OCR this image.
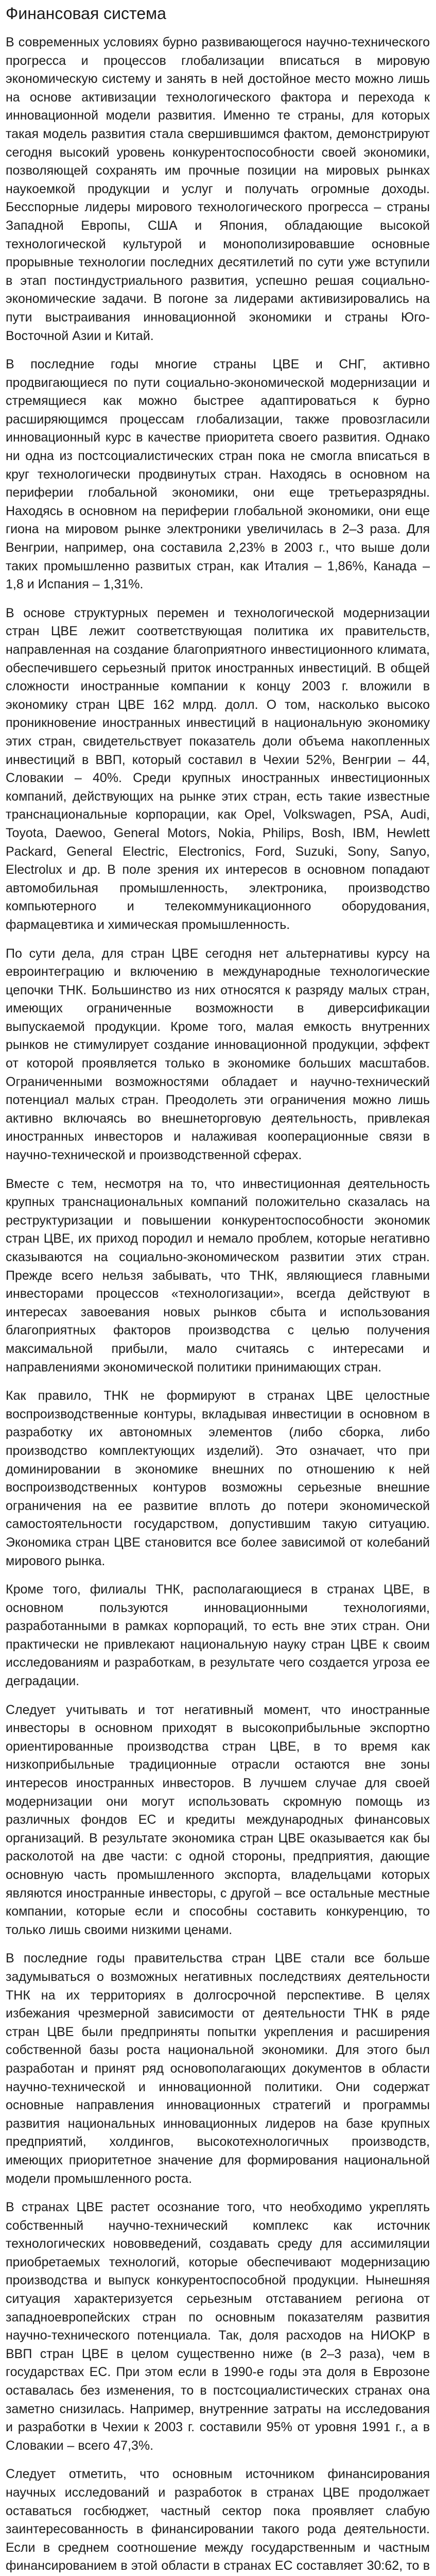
Финансовая система

В современных условиях бурно развивающегося научно-технического прогресса и процессов глобализации вписаться в мировую экономическую систему и занять в ней достойное место можно лишь на основе активизации технологического фактора и перехода к инновационной модели развития. Именно те страны, для которых такая модель развития стала свершившимся фактом, демонстрируют сегодня высокий уровень конкурентоспособности своей экономики, позволяющей сохранять им прочные позиции на мировых рынках наукоемкой продукции и услуг и получать огромные доходы. Бесспорные лидеры мирового технологического прогресса – страны Западной Европы, США и Япония, обладающие высокой технологической культурой и монополизировавшие основные прорывные технологии последних десятилетий по сути уже вступили в этап постиндустриального развития, успешно решая социально-экономические задачи. В погоне за лидерами активизировались на пути выстраивания инновационной экономики и страны Юго-Восточной Азии и Китай.

В последние годы многие страны ЦВЕ и СНГ, активно продвигающиеся по пути социально-экономической модернизации и стремящиеся как можно быстрее адаптироваться к бурно расширяющимся процессам глобализации, также провозгласили инновационный курс в качестве приоритета своего развития. Однако ни одна из постсоциалистических стран пока не смогла вписаться в круг технологически продвинутых стран. Находясь в основном на периферии глобальной экономики, они еще третьеразрядны. Находясь в основном на периферии глобальной экономики, они еще гиона на мировом рынке электроники увеличилась в 2–3 раза. Для Венгрии, например, она составила 2,23% в 2003 г., что выше доли таких промышленно развитых стран, как Италия – 1,86%, Канада – 1,8 и Испания – 1,31%.

В основе структурных перемен и технологической модернизации стран ЦВЕ лежит соответствующая политика их правительств, направленная на создание благоприятного инвестиционного климата, обеспечившего серьезный приток иностранных инвестиций. В общей сложности иностранные компании к концу 2003 г. вложили в экономику стран ЦВЕ 162 млрд. долл. О том, насколько высоко проникновение иностранных инвестиций в национальную экономику этих стран, свидетельствует показатель доли объема накопленных инвестиций в ВВП, который составил в Чехии 52%, Венгрии – 44, Словакии – 40%. Среди крупных иностранных инвестиционных компаний, действующих на рынке этих стран, есть такие известные транснациональные корпорации, как Opel, Volkswagen, PSA, Audi, Toyota, Daewoo, General Motors, Nokia, Philips, Bosh, IBM, Hewlett Packard, General Electric, Electronics, Ford, Suzuki, Sony, Sanyo, Electrolux и др. В поле зрения их интересов в основном попадают автомобильная промышленность, электроника, производство компьютерного и телекоммуникационного оборудования, фармацевтика и химическая промышленность.

По сути дела, для стран ЦВЕ сегодня нет альтернативы курсу на евроинтеграцию и включению в международные технологические цепочки ТНК. Большинство из них относятся к разряду малых стран, имеющих ограниченные возможности в диверсификации выпускаемой продукции. Кроме того, малая емкость внутренних рынков не стимулирует создание инновационной продукции, эффект от которой проявляется только в экономике больших масштабов. Ограниченными возможностями обладает и научно-технический потенциал малых стран. Преодолеть эти ограничения можно лишь активно включаясь во внешнеторговую деятельность, привлекая иностранных инвесторов и налаживая кооперационные связи в научно-технической и производственной сферах.

Вместе с тем, несмотря на то, что инвестиционная деятельность крупных транснациональных компаний положительно сказалась на реструктуризации и повышении конкурентоспособности экономик стран ЦВЕ, их приход породил и немало проблем, которые негативно сказываются на социально-экономическом развитии этих стран. Прежде всего нельзя забывать, что ТНК, являющиеся главными инвесторами процессов «технологизации», всегда действуют в интересах завоевания новых рынков сбыта и использования благоприятных факторов производства с целью получения максимальной прибыли, мало считаясь с интересами и направлениями экономической политики принимающих стран.

Как правило, ТНК не формируют в странах ЦВЕ целостные воспроизводственные контуры, вкладывая инвестиции в основном в разработку их автономных элементов (либо сборка, либо производство комплектующих изделий). Это означает, что при доминировании в экономике внешних по отношению к ней воспроизводственных контуров возможны серьезные внешние ограничения на ее развитие вплоть до потери экономической самостоятельности государством, допустившим такую ситуацию. Экономика стран ЦВЕ становится все более зависимой от колебаний мирового рынка.

Кроме того, филиалы ТНК, располагающиеся в странах ЦВЕ, в основном пользуются инновационными технологиями, разработанными в рамках корпораций, то есть вне этих стран. Они практически не привлекают национальную науку стран ЦВЕ к своим исследованиям и разработкам, в результате чего создается угроза ее деградации.

Следует учитывать и тот негативный момент, что иностранные инвесторы в основном приходят в высокоприбыльные экспортно ориентированные производства стран ЦВЕ, в то время как низкоприбыльные традиционные отрасли остаются вне зоны интересов иностранных инвесторов. В лучшем случае для своей модернизации они могут использовать скромную помощь из различных фондов ЕС и кредиты международных финансовых организаций. В результате экономика стран ЦВЕ оказывается как бы расколотой на две части: с одной стороны, предприятия, дающие основную часть промышленного экспорта, владельцами которых являются иностранные инвесторы, с другой – все остальные местные компании, которые если и способны составить конкуренцию, то только лишь своими низкими ценами.

В последние годы правительства стран ЦВЕ стали все больше задумываться о возможных негативных последствиях деятельности ТНК на их территориях в долгосрочной перспективе. В целях избежания чрезмерной зависимости от деятельности ТНК в ряде стран ЦВЕ были предприняты попытки укрепления и расширения собственной базы роста национальной экономики. Для этого был разработан и принят ряд основополагающих документов в области научно-технической и инновационной политики. Они содержат основные направления инновационных стратегий и программы развития национальных инновационных лидеров на базе крупных предприятий, холдингов, высокотехнологичных производств, имеющих приоритетное значение для формирования национальной модели промышленного роста.

В странах ЦВЕ растет осознание того, что необходимо укреплять собственный научно-технический комплекс как источник технологических нововведений, создавать среду для ассимиляции приобретаемых технологий, которые обеспечивают модернизацию производства и выпуск конкурентоспособной продукции. Нынешняя ситуация характеризуется серьезным отставанием региона от западноевропейских стран по основным показателям развития научно-технического потенциала. Так, доля расходов на НИОКР в ВВП стран ЦВЕ в целом существенно ниже (в 2–3 раза), чем в государствах ЕС. При этом если в 1990-е годы эта доля в Еврозоне оставалась без изменения, то в постсоциалистических странах она заметно снизилась. Например, внутренние затраты на исследования и разработки в Чехии к 2003 г. составили 95% от уровня 1991 г., а в Словакии – всего 47,3%.

Следует отметить, что основным источником финансирования научных исследований и разработок в странах ЦВЕ продолжает оставаться госбюджет, частный сектор пока проявляет слабую заинтересованность в финансировании такого рода деятельности. Если в среднем соотношение между государственным и частным финансированием в этой области в странах ЕС составляет 30:62, то в
